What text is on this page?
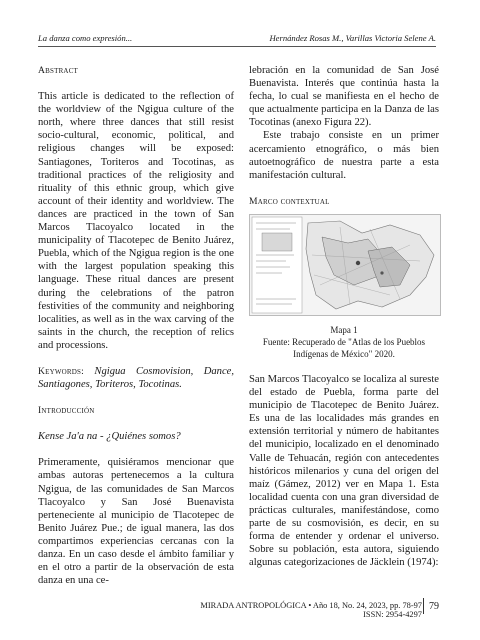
La danza como expresión...	Hernández Rosas M., Varillas Victoria Selene A.
Abstract

This article is dedicated to the reflection of the worldview of the Ngigua culture of the north, where three dances that still resist socio-cultural, economic, political, and religious changes will be exposed: Santiagones, Toriteros and Tocotinas, as traditional practices of the religiosity and rituality of this ethnic group, which give account of their identity and worldview. The dances are practiced in the town of San Marcos Tlacoyalco located in the municipality of Tlacotepec de Benito Juárez, Puebla, which of the Ngigua region is the one with the largest population speaking this language. These ritual dances are present during the celebrations of the patron festivities of the community and neighboring localities, as well as in the wax carving of the saints in the church, the reception of relics and processions.

Keywords: Ngigua Cosmovision, Dance, Santiagones, Toriteros, Tocotinas.

Introducción

Kense Ja'a na - ¿Quiénes somos?

Primeramente, quisiéramos mencionar que ambas autoras pertenecemos a la cultura Ngigua, de las comunidades de San Marcos Tlacoyalco y San José Buenavista perteneciente al municipio de Tlacotepec de Benito Juárez Pue.; de igual manera, las dos compartimos experiencias cercanas con la danza. En un caso desde el ámbito familiar y en el otro a partir de la observación de esta danza en una ce-

lebración en la comunidad de San José Buenavista. Interés que continúa hasta la fecha, lo cual se manifiesta en el hecho de que actualmente participa en la Danza de las Tocotinas (anexo Figura 22).

Este trabajo consiste en un primer acercamiento etnográfico, o más bien autoetnográfico de nuestra parte a esta manifestación cultural.

Marco contextual
Mapa 1
Fuente: Recuperado de "Atlas de los Pueblos Indígenas de México" 2020.

San Marcos Tlacoyalco se localiza al sureste del estado de Puebla, forma parte del municipio de Tlacotepec de Benito Juárez. Es una de las localidades más grandes en extensión territorial y número de habitantes del municipio, localizado en el denominado Valle de Tehuacán, región con antecedentes históricos milenarios y cuna del origen del maíz (Gámez, 2012) ver en Mapa 1. Esta localidad cuenta con una gran diversidad de prácticas culturales, manifestándose, como parte de su cosmovisión, es decir, en su forma de entender y ordenar el universo. Sobre su población, esta autora, siguiendo algunas categorizaciones de Jäcklein (1974):

MIRADA ANTROPOLÓGICA • Año 18, No. 24, 2023, pp. 78-97
ISSN: 2954-4297
79
